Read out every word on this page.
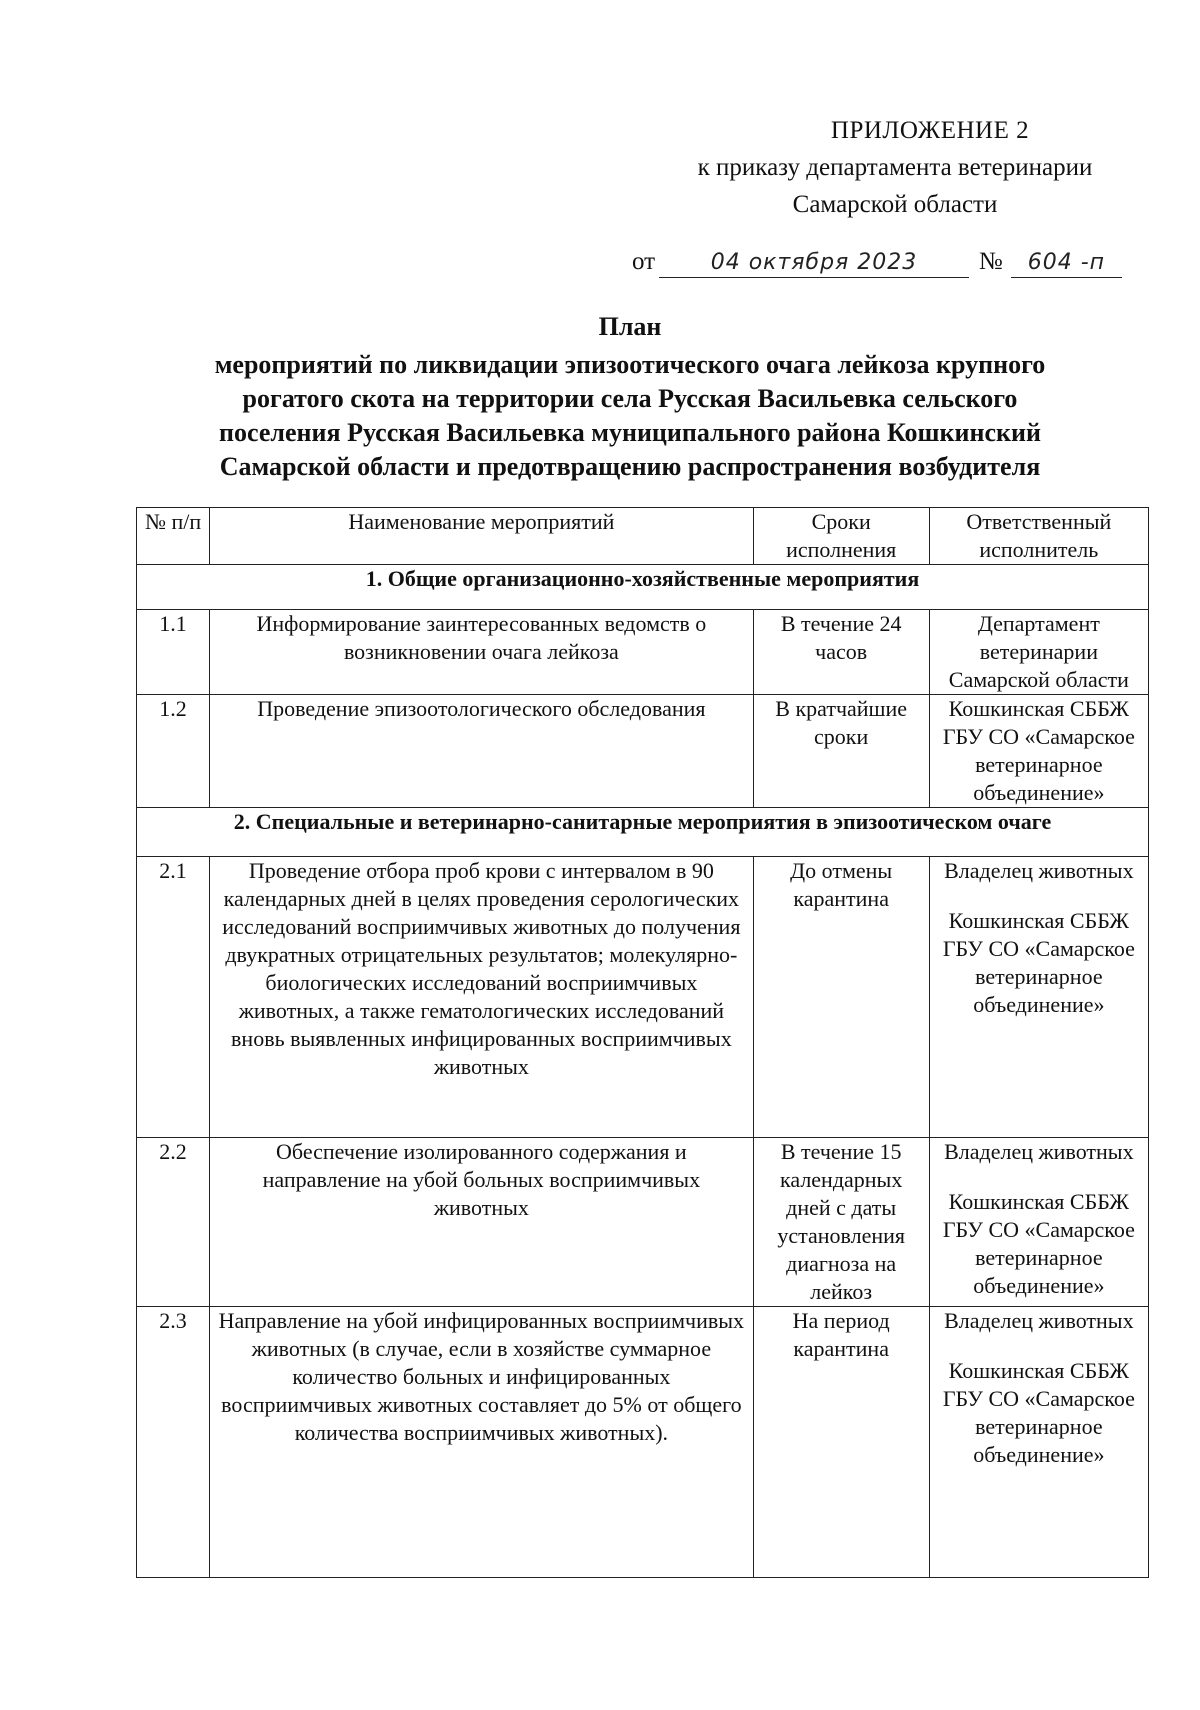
ПРИЛОЖЕНИЕ 2
к приказу департамента ветеринарии
Самарской области
от	04 октября 2023	№	604 -п
План
мероприятий по ликвидации эпизоотического очага лейкоза крупного
рогатого скота на территории села Русская Васильевка сельского
поселения Русская Васильевка муниципального района Кошкинский
Самарской области и предотвращению распространения возбудителя
№ п/п	Наименование мероприятий	Сроки исполнения	Ответственный исполнитель
1. Общие организационно-хозяйственные мероприятия			
1.1	Информирование заинтересованных ведомств о возникновении очага лейкоза	В течение 24 часов	Департамент ветеринарии Самарской области
1.2	Проведение эпизоотологического обследования	В кратчайшие сроки	Кошкинская СББЖ ГБУ СО «Самарское ветеринарное объединение»
2. Специальные и ветеринарно-санитарные мероприятия в эпизоотическом очаге			
2.1	Проведение отбора проб крови с интервалом в 90 календарных дней в целях проведения серологических исследований восприимчивых животных до получения двукратных отрицательных результатов; молекулярно-биологических исследований восприимчивых животных, а также гематологических исследований вновь выявленных инфицированных восприимчивых животных	До отмены карантина	Владелец животных
Кошкинская СББЖ ГБУ СО «Самарское ветеринарное объединение»

2.2	Обеспечение изолированного содержания и направление на убой больных восприимчивых животных	В течение 15 календарных дней с даты установления диагноза на лейкоз	Владелец животных
Кошкинская СББЖ ГБУ СО «Самарское ветеринарное объединение»

2.3	Направление на убой инфицированных восприимчивых животных (в случае, если в хозяйстве суммарное количество больных и инфицированных восприимчивых животных составляет до 5% от общего количества восприимчивых животных).	На период карантина	Владелец животных
Кошкинская СББЖ ГБУ СО «Самарское ветеринарное объединение»
